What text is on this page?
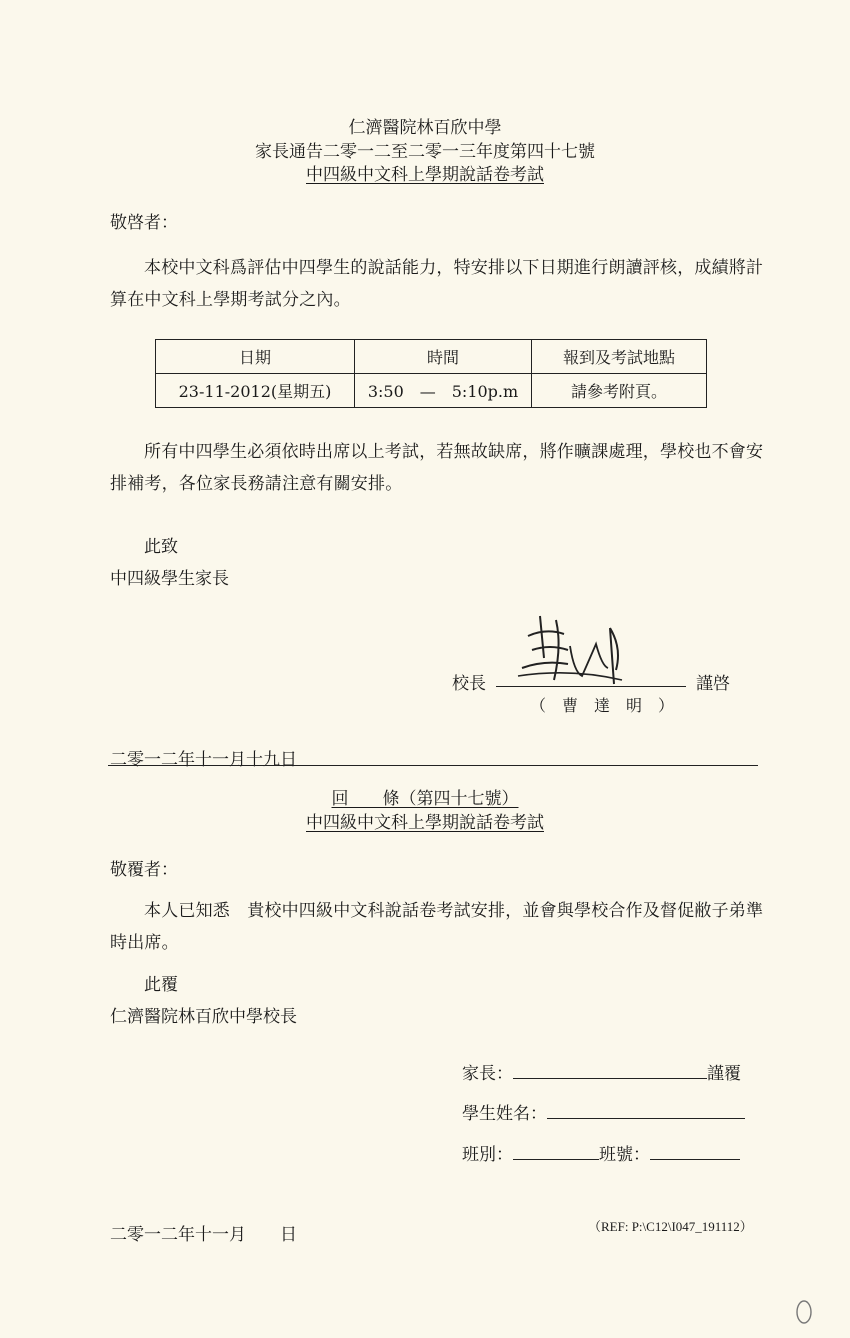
仁濟醫院林百欣中學
家長通告二零一二至二零一三年度第四十七號
中四級中文科上學期說話卷考試
敬啓者：
本校中文科爲評估中四學生的說話能力，特安排以下日期進行朗讀評核，成績將計算在中文科上學期考試分之內。
日期	時間	報到及考試地點
23-11-2012(星期五)	3:50　—　5:10p.m	請參考附頁。
所有中四學生必須依時出席以上考試，若無故缺席，將作曠課處理，學校也不會安排補考，各位家長務請注意有關安排。
此致
中四級學生家長
校長	謹啓
（　曹　達　明　）
二零一二年十一月十九日
回　　條（第四十七號）
中四級中文科上學期說話卷考試
敬覆者：
本人已知悉　貴校中四級中文科說話卷考試安排，並會與學校合作及督促敝子弟準時出席。
此覆
仁濟醫院林百欣中學校長
家長：	謹覆
學生姓名：
班別：	班號：
二零一二年十一月　　日	（REF: P:\C12\I047_191112）
